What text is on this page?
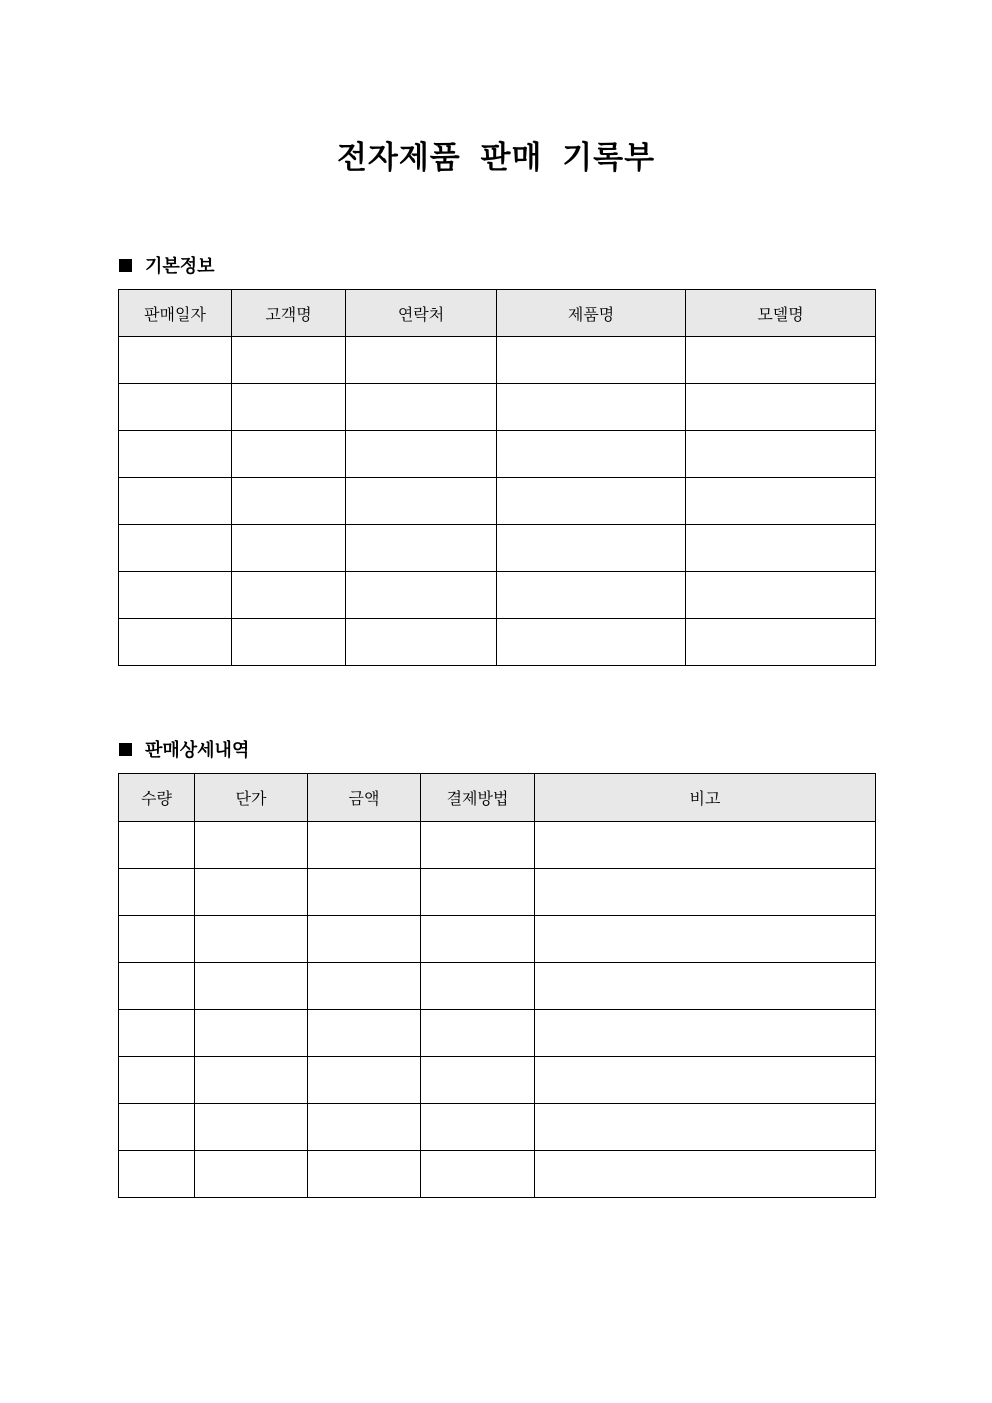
전자제품 판매 기록부
기본정보
판매일자	고객명	연락처	제품명	모델명

판매상세내역
수량	단가	금액	결제방법	비고
